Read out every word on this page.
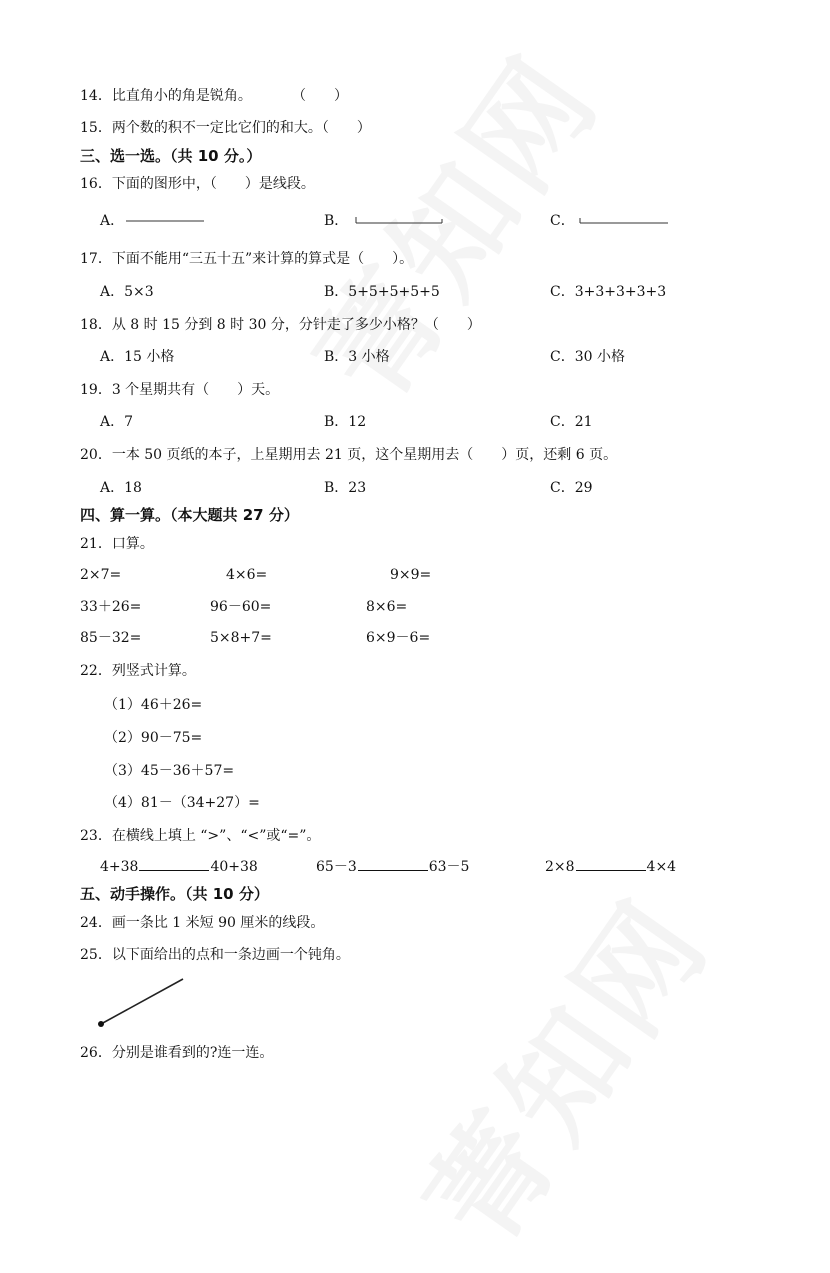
14．比直角小的角是锐角。	（　　）
15．两个数的积不一定比它们的和大。（　　）
三、选一选。（共 10 分。）
16．下面的图形中，（　　）是线段。
A．	B．	C．
17．下面不能用“三五十五”来计算的算式是（　　）。
A．5×3	B．5+5+5+5+5	C．3+3+3+3+3
18．从 8 时 15 分到 8 时 30 分，分针走了多少小格？（　　）
A．15 小格	B．3 小格	C．30 小格
19．3 个星期共有（　　）天。
A．7	B．12	C．21
20．一本 50 页纸的本子，上星期用去 21 页，这个星期用去（　　）页，还剩 6 页。
A．18	B．23	C．29
四、算一算。（本大题共 27 分）
21．口算。
2×7=	4×6=	9×9=
33＋26=	96－60=	8×6=
85－32=	5×8+7=	6×9－6=
22．列竖式计算。
（1）46＋26=
（2）90－75=
（3）45－36＋57=
（4）81－（34+27）=
23．在横线上填上 “>”、“<”或“=”。
4+38	40+38	65－3	63－5	2×8	4×4
五、动手操作。（共 10 分）
24．画一条比 1 米短 90 厘米的线段。
25．以下面给出的点和一条边画一个钝角。
26．分别是谁看到的?连一连。
